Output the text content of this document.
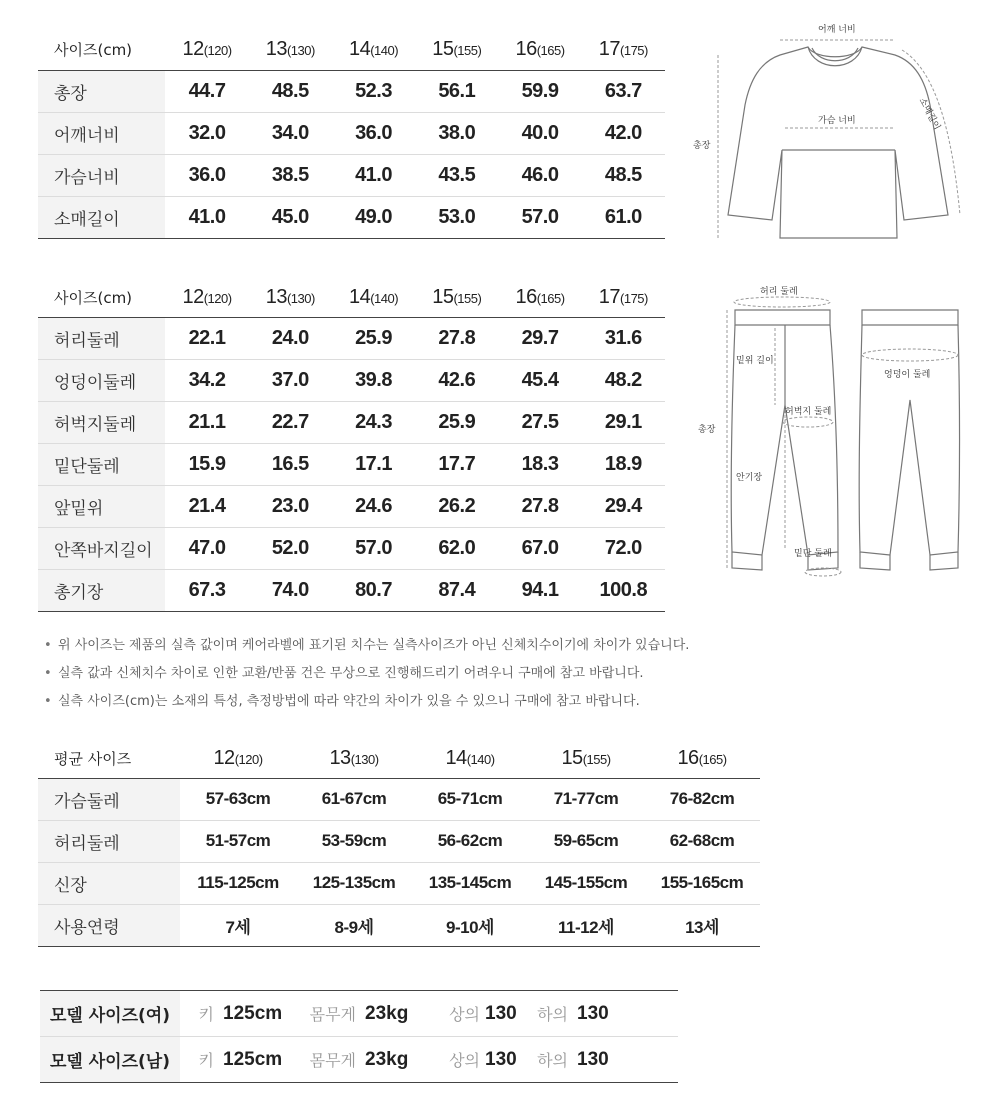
사이즈(cm)	12(120)	13(130)	14(140)	15(155)	16(165)	17(175)
총장	44.7	48.5	52.3	56.1	59.9	63.7
어깨너비	32.0	34.0	36.0	38.0	40.0	42.0
가슴너비	36.0	38.5	41.0	43.5	46.0	48.5
소매길이	41.0	45.0	49.0	53.0	57.0	61.0
어깨 너비
소매길이
가슴 너비
총장
사이즈(cm)	12(120)	13(130)	14(140)	15(155)	16(165)	17(175)
허리둘레	22.1	24.0	25.9	27.8	29.7	31.6
엉덩이둘레	34.2	37.0	39.8	42.6	45.4	48.2
허벅지둘레	21.1	22.7	24.3	25.9	27.5	29.1
밑단둘레	15.9	16.5	17.1	17.7	18.3	18.9
앞밑위	21.4	23.0	24.6	26.2	27.8	29.4
안쪽바지길이	47.0	52.0	57.0	62.0	67.0	72.0
총기장	67.3	74.0	80.7	87.4	94.1	100.8
허리 둘레
밑위 길이
엉덩이 둘레
허벅지 둘레
총장
안기장
밑단 둘레
• 위 사이즈는 제품의 실측 값이며 케어라벨에 표기된 치수는 실측사이즈가 아닌 신체치수이기에 차이가 있습니다.
• 실측 값과 신체치수 차이로 인한 교환/반품 건은 무상으로 진행해드리기 어려우니 구매에 참고 바랍니다.
• 실측 사이즈(cm)는 소재의 특성, 측정방법에 따라 약간의 차이가 있을 수 있으니 구매에 참고 바랍니다.
평균 사이즈	12(120)	13(130)	14(140)	15(155)	16(165)
가슴둘레	57-63cm	61-67cm	65-71cm	71-77cm	76-82cm
허리둘레	51-57cm	53-59cm	56-62cm	59-65cm	62-68cm
신장	115-125cm	125-135cm	135-145cm	145-155cm	155-165cm
사용연령	7세	8-9세	9-10세	11-12세	13세
모델 사이즈(여)	키	125cm	몸무게	23kg	상의	130	하의	130
모델 사이즈(남)	키	125cm	몸무게	23kg	상의	130	하의	130
